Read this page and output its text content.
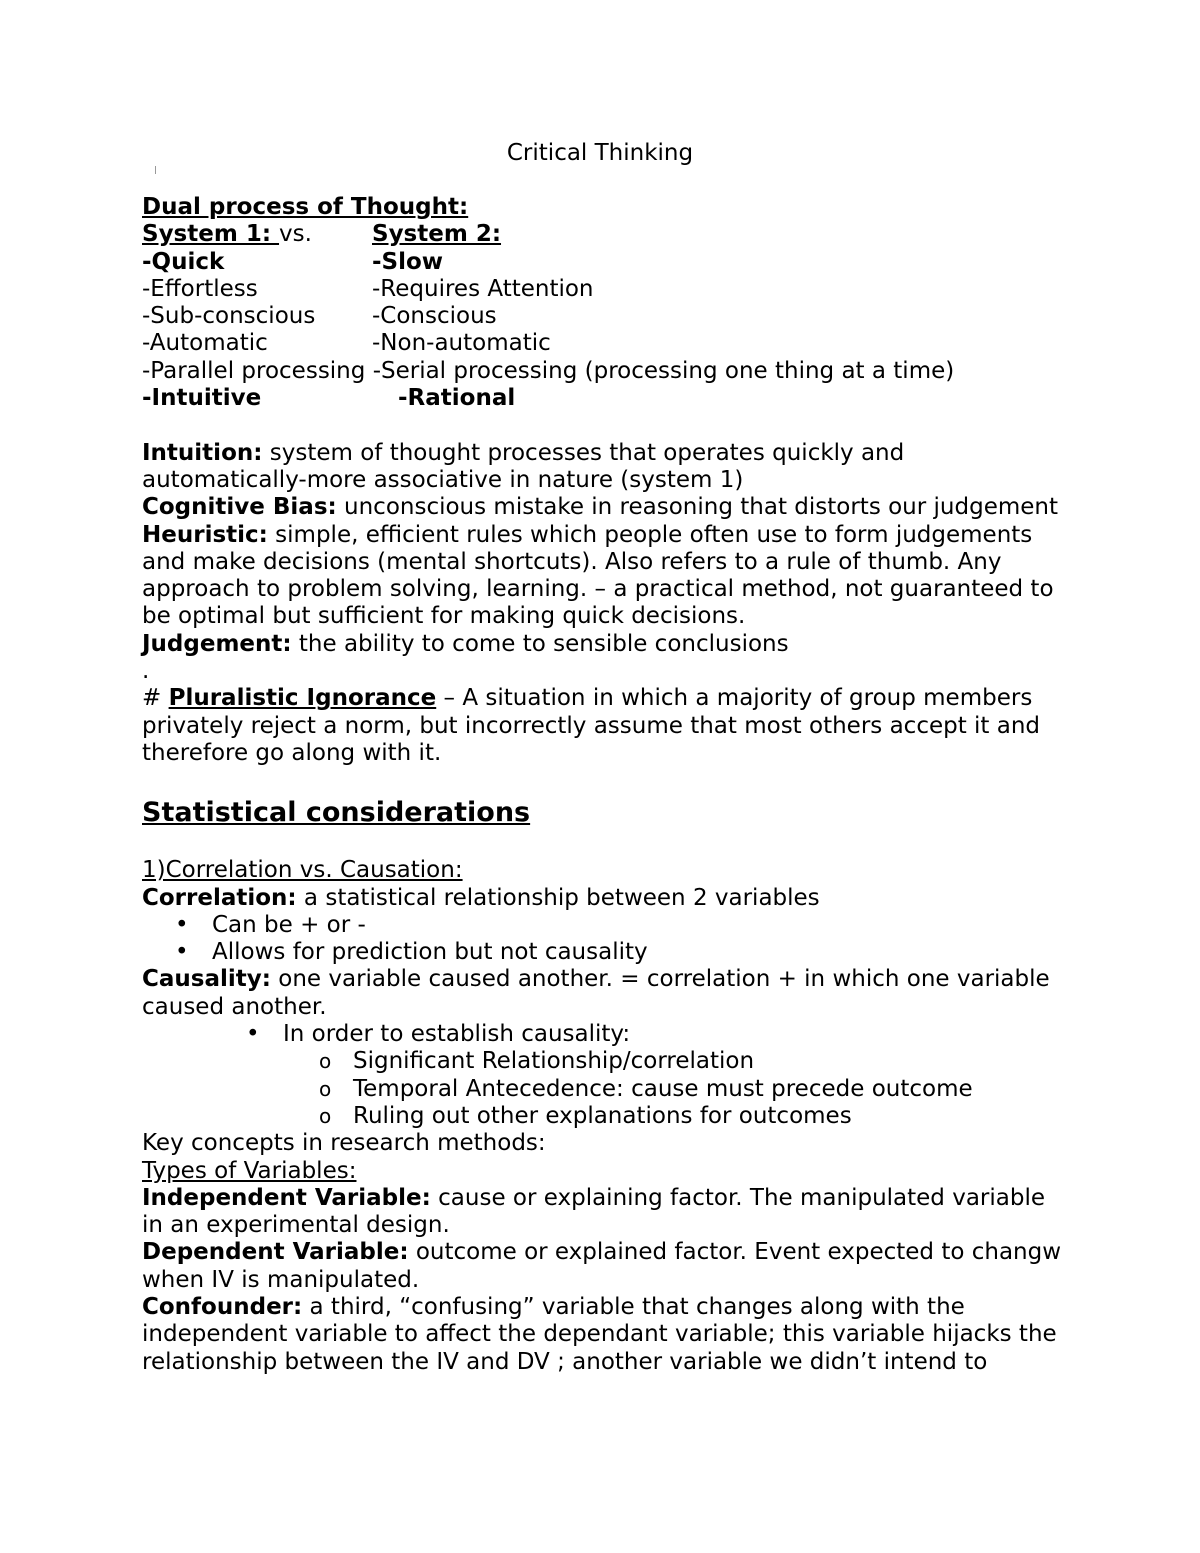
Critical Thinking

Dual process of Thought:

System 1: vs.	System 2:

-Quick	-Slow

-Effortless	-Requires Attention

-Sub-conscious -Conscious

-Automatic	-Non-automatic

-Parallel processing -Serial processing (processing one thing at a time)

-Intuitive	-Rational

Intuition: system of thought processes that operates quickly and automatically-more associative in nature (system 1)

Cognitive Bias: unconscious mistake in reasoning that distorts our judgement

Heuristic: simple, efficient rules which people often use to form judgements and make decisions (mental shortcuts). Also refers to a rule of thumb. Any approach to problem solving, learning. – a practical method, not guaranteed to be optimal but sufficient for making quick decisions.

Judgement: the ability to come to sensible conclusions

.

# Pluralistic Ignorance – A situation in which a majority of group members privately reject a norm, but incorrectly assume that most others accept it and therefore go along with it.

Statistical considerations

1)Correlation vs. Causation:

Correlation: a statistical relationship between 2 variables

• Can be + or -
• Allows for prediction but not causality

Causality: one variable caused another. = correlation + in which one variable caused another.

• In order to establish causality:
o Significant Relationship/correlation
o Temporal Antecedence: cause must precede outcome
o Ruling out other explanations for outcomes

Key concepts in research methods:

Types of Variables:

Independent Variable: cause or explaining factor. The manipulated variable in an experimental design.

Dependent Variable: outcome or explained factor. Event expected to changw when IV is manipulated.

Confounder: a third, “confusing” variable that changes along with the independent variable to affect the dependant variable; this variable hijacks the relationship between the IV and DV ; another variable we didn’t intend to
